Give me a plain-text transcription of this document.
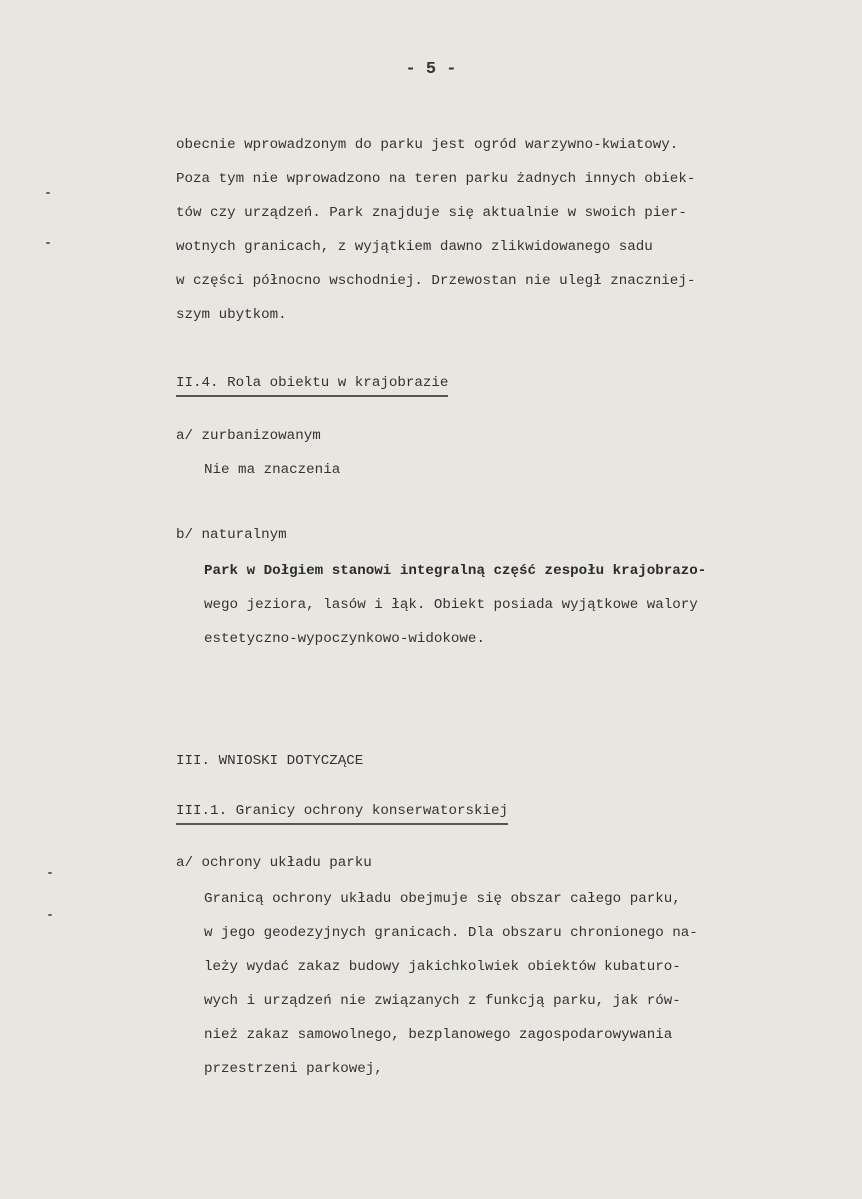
- 5 -
obecnie wprowadzonym do parku jest ogród warzywno-kwiatowy.
Poza tym nie wprowadzono na teren parku żadnych innych obiek-
tów czy urządzeń. Park znajduje się aktualnie w swoich pier-
wotnych granicach, z wyjątkiem dawno zlikwidowanego sadu
w części północno wschodniej. Drzewostan nie uległ znaczniej-
szym ubytkom.
II.4. Rola obiektu w krajobrazie
a/ zurbanizowanym
Nie ma znaczenia
b/ naturalnym
Park w Dołgiem stanowi integralną część zespołu krajobrazo-
wego jeziora, lasów i łąk. Obiekt posiada wyjątkowe walory
estetyczno-wypoczynkowo-widokowe.
III. WNIOSKI DOTYCZĄCE
III.1. Granicy ochrony konserwatorskiej
a/ ochrony układu parku
Granicą ochrony układu obejmuje się obszar całego parku,
w jego geodezyjnych granicach. Dla obszaru chronionego na-
leży wydać zakaz budowy jakichkolwiek obiektów kubaturo-
wych i urządzeń nie związanych z funkcją parku, jak rów-
nież zakaz samowolnego, bezplanowego zagospodarowywania
przestrzeni parkowej,
